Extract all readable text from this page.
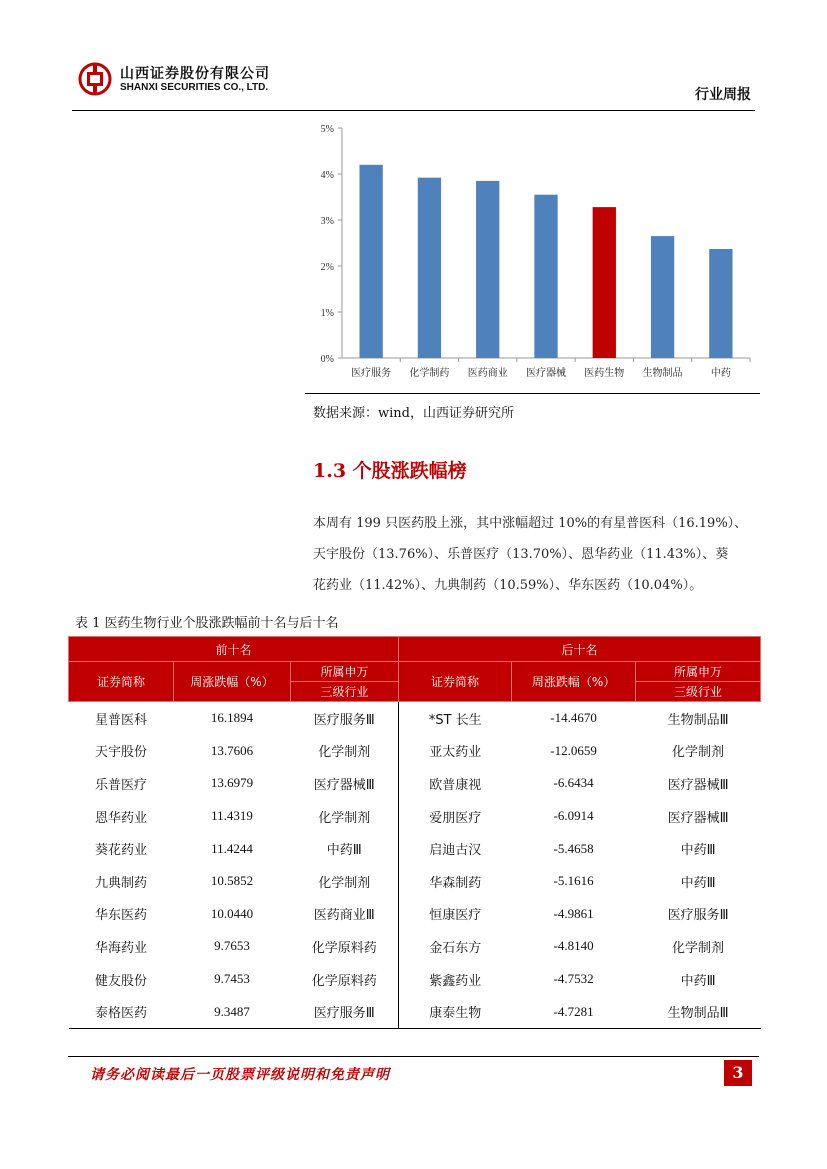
山西证券股份有限公司
SHANXI SECURITIES CO., LTD.	行业周报
0%
1%
2%
3%
4%
5%
医疗服务 化学制药 医药商业 医疗器械 医药生物 生物制品	中药
数据来源：wind，山西证券研究所
1.3 个股涨跌幅榜
本周有 199 只医药股上涨，其中涨幅超过 10%的有星普医科（16.19%）、
天宇股份（13.76%）、乐普医疗（13.70%）、恩华药业（11.43%）、葵
花药业（11.42%）、九典制药（10.59%）、华东医药（10.04%）。
表 1 医药生物行业个股涨跌幅前十名与后十名
前十名			后十名		
证券简称	周涨跌幅（%）	所属申万	证券简称	周涨跌幅（%）	所属申万
		三级行业			三级行业
星普医科	16.1894	医疗服务Ⅲ	*ST 长生	-14.4670	生物制品Ⅲ
天宇股份	13.7606	化学制剂	亚太药业	-12.0659	化学制剂
乐普医疗	13.6979	医疗器械Ⅲ	欧普康视	-6.6434	医疗器械Ⅲ
恩华药业	11.4319	化学制剂	爱朋医疗	-6.0914	医疗器械Ⅲ
葵花药业	11.4244	中药Ⅲ	启迪古汉	-5.4658	中药Ⅲ
九典制药	10.5852	化学制剂	华森制药	-5.1616	中药Ⅲ
华东医药	10.0440	医药商业Ⅲ	恒康医疗	-4.9861	医疗服务Ⅲ
华海药业	9.7653	化学原料药	金石东方	-4.8140	化学制剂
健友股份	9.7453	化学原料药	紫鑫药业	-4.7532	中药Ⅲ
泰格医药	9.3487	医疗服务Ⅲ	康泰生物	-4.7281	生物制品Ⅲ
请务必阅读最后一页股票评级说明和免责声明	3
